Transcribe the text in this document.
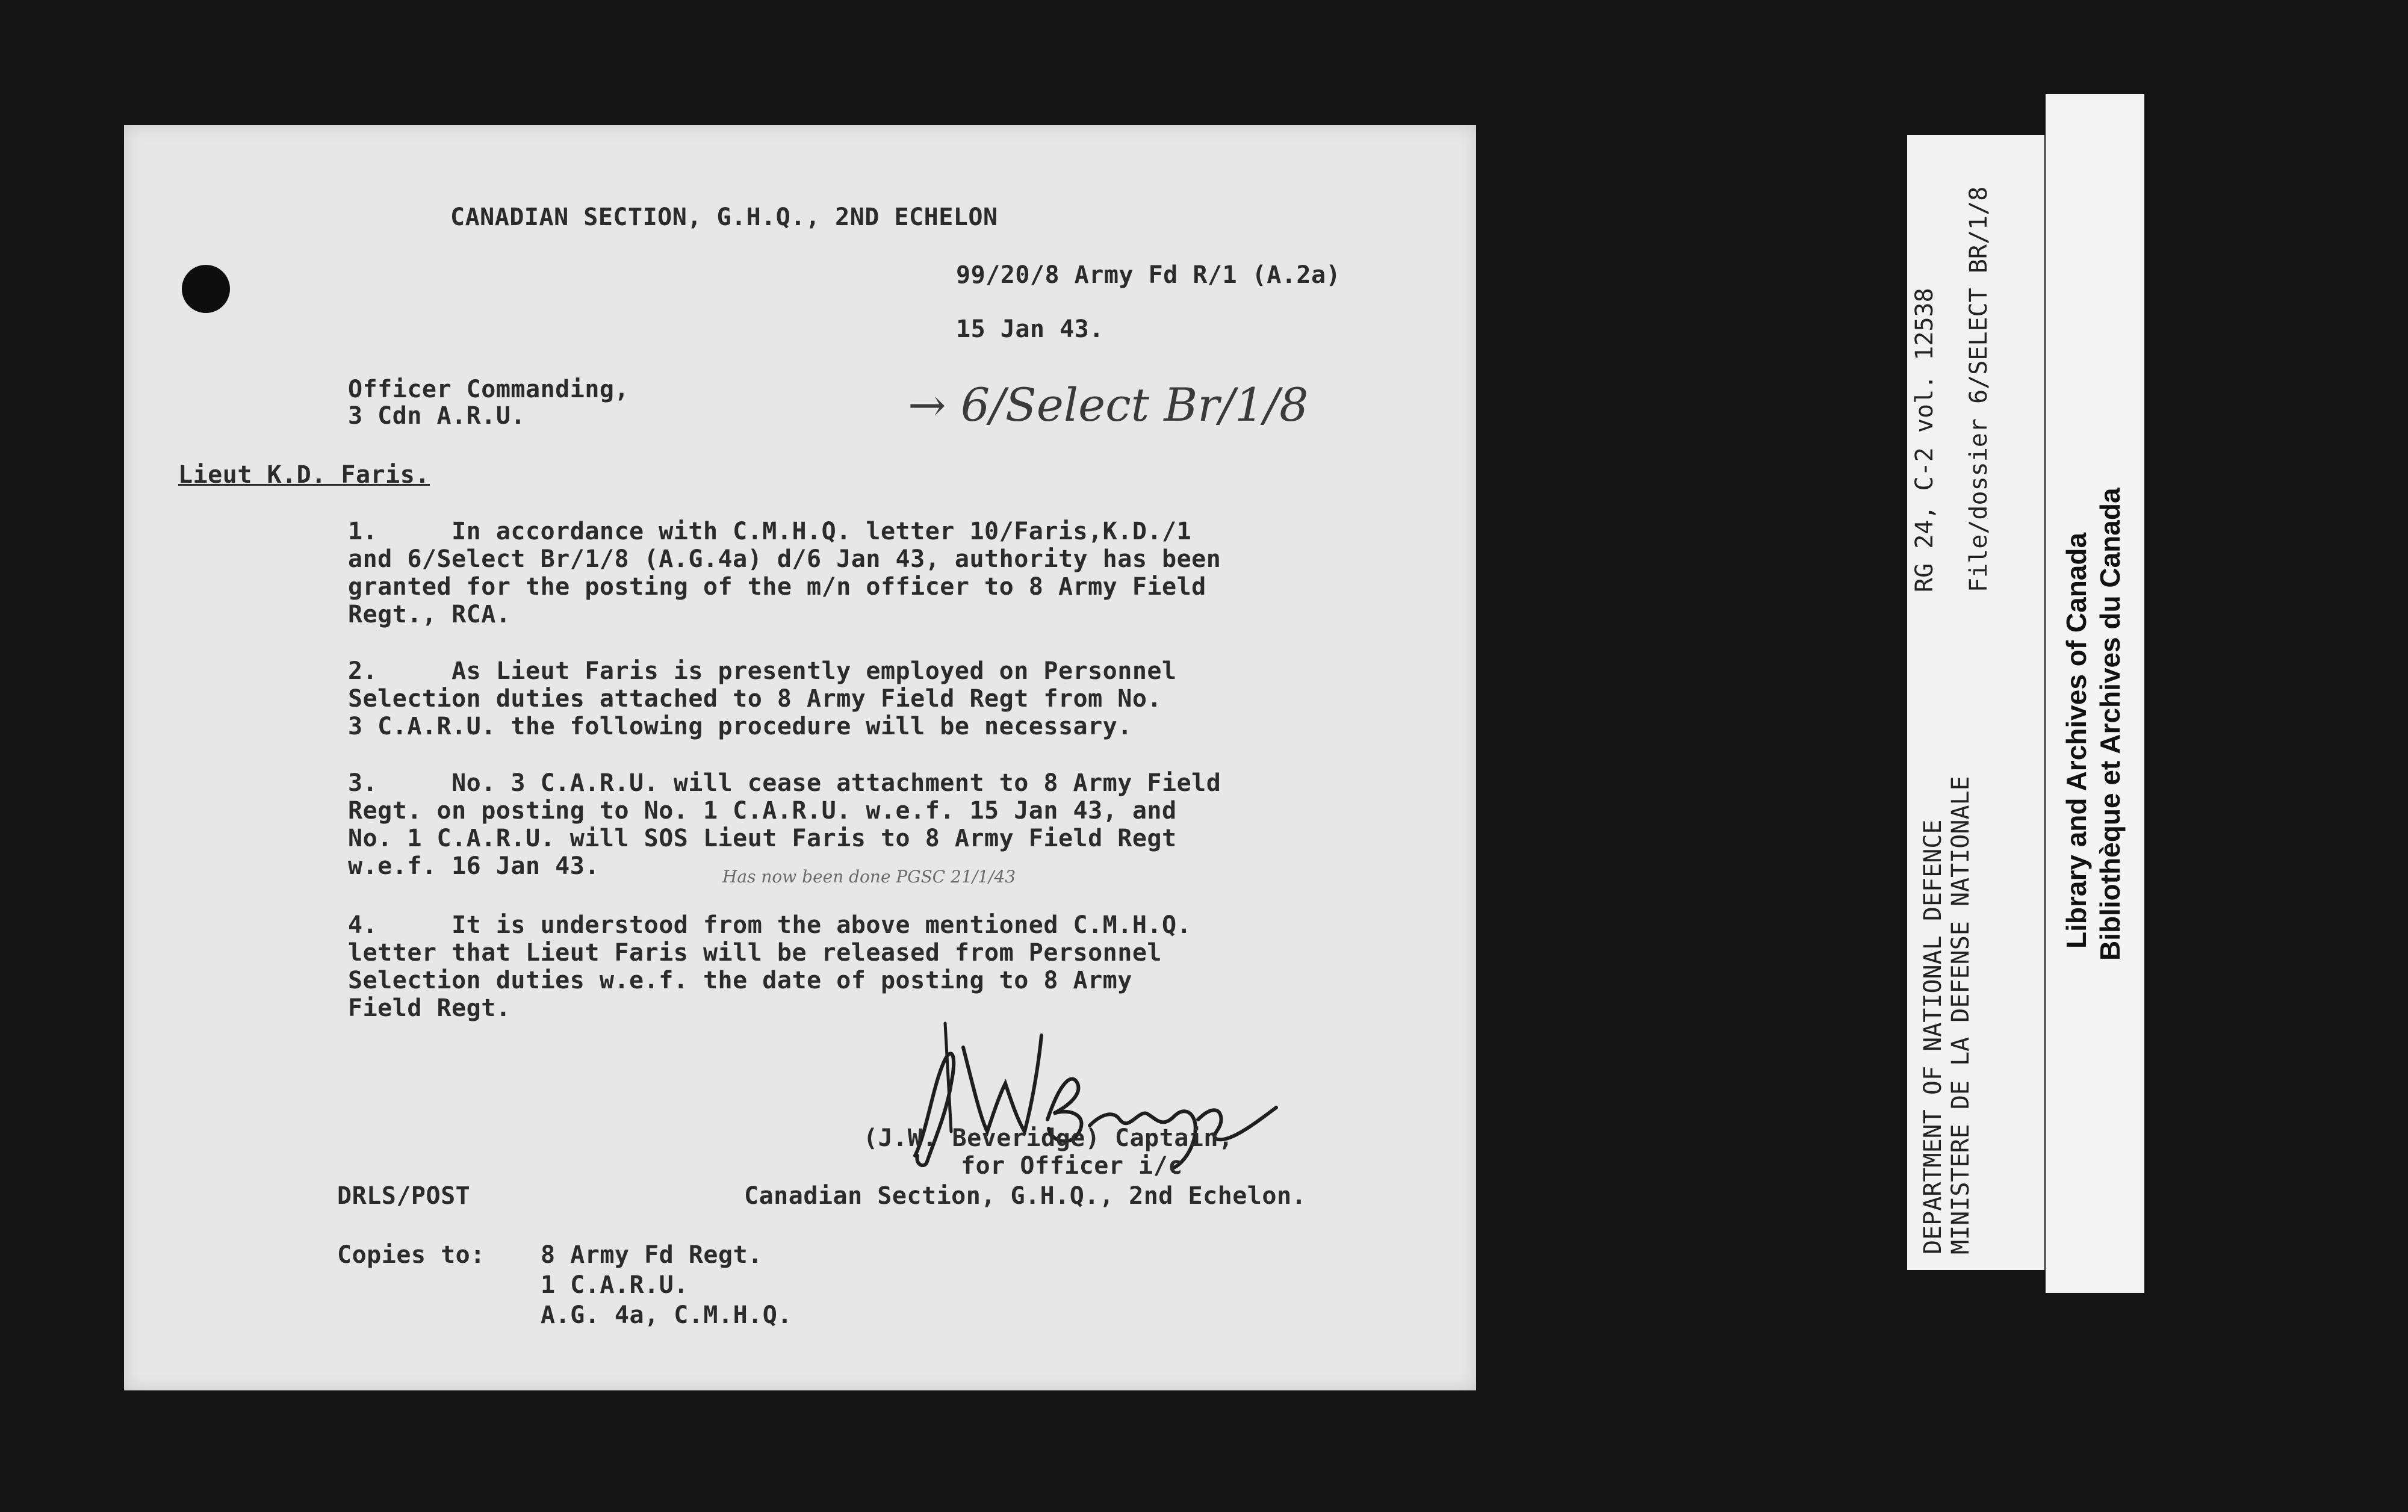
CANADIAN SECTION, G.H.Q., 2ND ECHELON
99/20/8 Army Fd R/1 (A.2a)
15 Jan 43.
Officer Commanding,
3 Cdn A.R.U.	→ 6/Select Br/1/8
Lieut K.D. Faris.
1.     In accordance with C.M.H.Q. letter 10/Faris,K.D./1
and 6/Select Br/1/8 (A.G.4a) d/6 Jan 43, authority has been
granted for the posting of the m/n officer to 8 Army Field
Regt., RCA.
2.     As Lieut Faris is presently employed on Personnel
Selection duties attached to 8 Army Field Regt from No.
3 C.A.R.U. the following procedure will be necessary.
3.     No. 3 C.A.R.U. will cease attachment to 8 Army Field
Regt. on posting to No. 1 C.A.R.U. w.e.f. 15 Jan 43, and
No. 1 C.A.R.U. will SOS Lieut Faris to 8 Army Field Regt
w.e.f. 16 Jan 43.	Has now been done PGSC 21/1/43
4.     It is understood from the above mentioned C.M.H.Q.
letter that Lieut Faris will be released from Personnel
Selection duties w.e.f. the date of posting to 8 Army
Field Regt.
(J.W. Beveridge) Captain,
for Officer i/c
DRLS/POST	Canadian Section, G.H.Q., 2nd Echelon.
Copies to: 8 Army Fd Regt.
1 C.A.R.U.
A.G. 4a, C.M.H.Q.
DEPARTMENT OF NATIONAL DEFENCE MINISTERE DE LA DEFENSE NATIONALE
RG 24, C-2 vol. 12538 File/dossier 6/SELECT BR/1/8
Library and Archives of Canada Bibliothèque et Archives du Canada
